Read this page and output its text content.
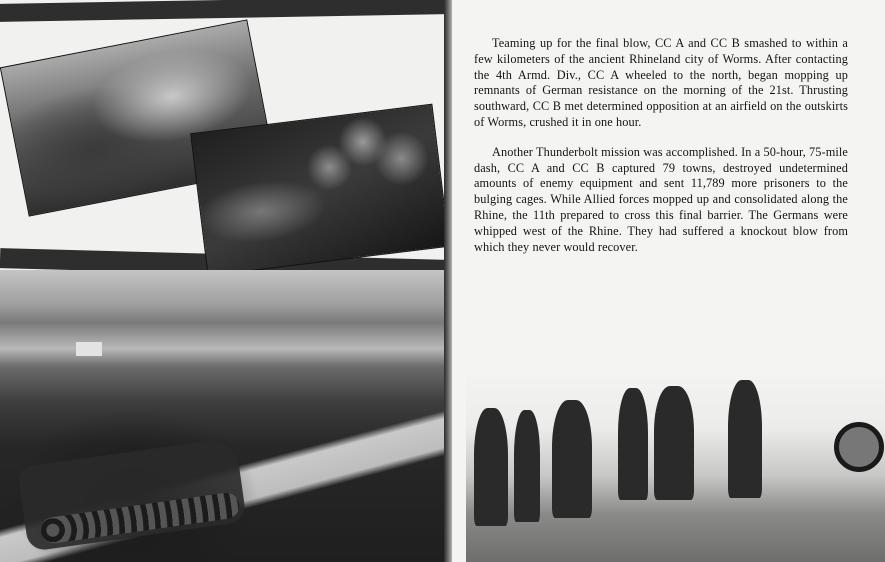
Teaming up for the final blow, CC A and CC B smashed to within a few kilometers of the ancient Rhineland city of Worms. After contacting the 4th Armd. Div., CC A wheeled to the north, began mopping up remnants of German resistance on the morning of the 21st. Thrusting southward, CC B met determined opposition at an airfield on the outskirts of Worms, crushed it in one hour.

Another Thunderbolt mission was accomplished. In a 50-hour, 75-mile dash, CC A and CC B captured 79 towns, destroyed undetermined amounts of enemy equipment and sent 11,789 more prisoners to the bulging cages. While Allied forces mopped up and consolidated along the Rhine, the 11th prepared to cross this final barrier. The Germans were whipped west of the Rhine. They had suffered a knockout blow from which they never would recover.
